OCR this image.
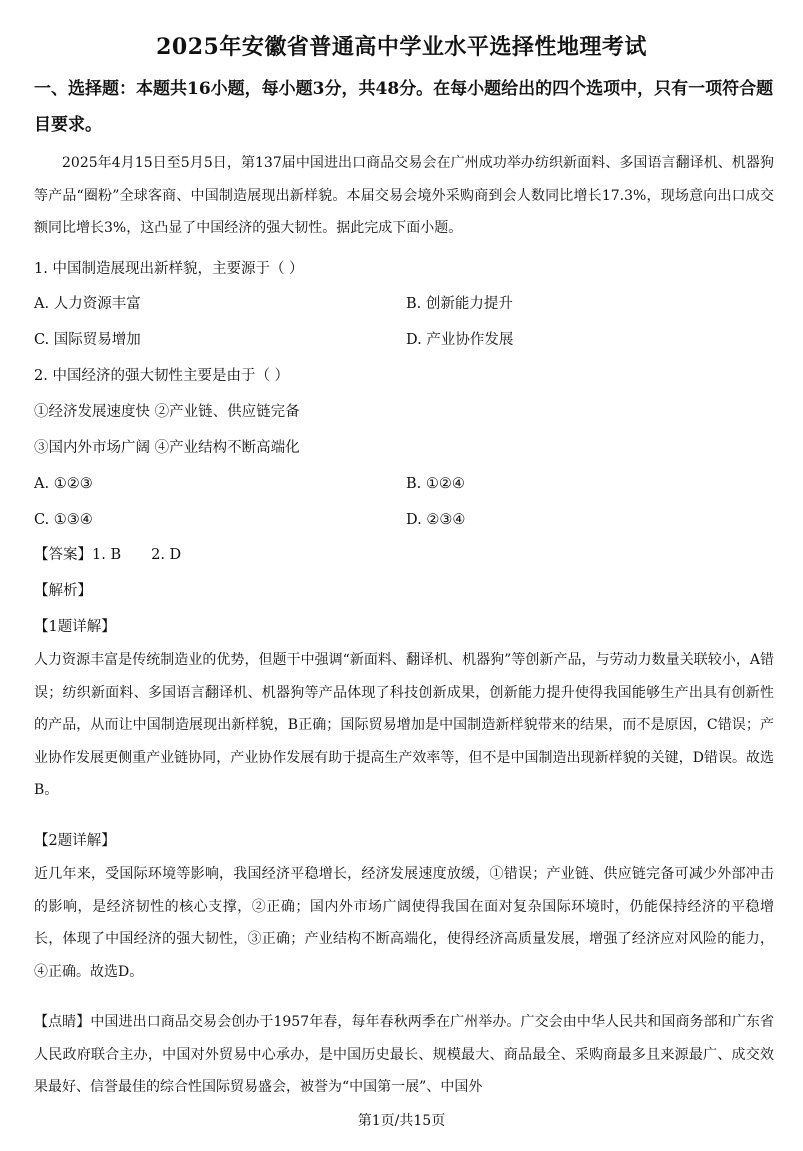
2025年安徽省普通高中学业水平选择性地理考试
一、选择题：本题共16小题，每小题3分，共48分。在每小题给出的四个选项中，只有一项符合题目要求。
2025年4月15日至5月5日，第137届中国进出口商品交易会在广州成功举办纺织新面料、多国语言翻译机、机器狗等产品“圈粉”全球客商、中国制造展现出新样貌。本届交易会境外采购商到会人数同比增长17.3%，现场意向出口成交额同比增长3%，这凸显了中国经济的强大韧性。据此完成下面小题。
1. 中国制造展现出新样貌，主要源于（ ）
A. 人力资源丰富	B. 创新能力提升
C. 国际贸易增加	D. 产业协作发展
2. 中国经济的强大韧性主要是由于（ ）
①经济发展速度快 ②产业链、供应链完备
③国内外市场广阔 ④产业结构不断高端化
A. ①②③	B. ①②④
C. ①③④	D. ②③④
【答案】1. B 2. D
【解析】
【1题详解】
人力资源丰富是传统制造业的优势，但题干中强调“新面料、翻译机、机器狗”等创新产品，与劳动力数量关联较小，A错误；纺织新面料、多国语言翻译机、机器狗等产品体现了科技创新成果，创新能力提升使得我国能够生产出具有创新性的产品，从而让中国制造展现出新样貌，B正确；国际贸易增加是中国制造新样貌带来的结果，而不是原因，C错误；产业协作发展更侧重产业链协同，产业协作发展有助于提高生产效率等，但不是中国制造出现新样貌的关键，D错误。故选B。
【2题详解】
近几年来，受国际环境等影响，我国经济平稳增长，经济发展速度放缓，①错误；产业链、供应链完备可减少外部冲击的影响，是经济韧性的核心支撑，②正确；国内外市场广阔使得我国在面对复杂国际环境时，仍能保持经济的平稳增长，体现了中国经济的强大韧性，③正确；产业结构不断高端化，使得经济高质量发展，增强了经济应对风险的能力，④正确。故选D。
【点睛】中国进出口商品交易会创办于1957年春，每年春秋两季在广州举办。广交会由中华人民共和国商务部和广东省人民政府联合主办，中国对外贸易中心承办，是中国历史最长、规模最大、商品最全、采购商最多且来源最广、成交效果最好、信誉最佳的综合性国际贸易盛会，被誉为“中国第一展”、中国外
第1页/共15页
